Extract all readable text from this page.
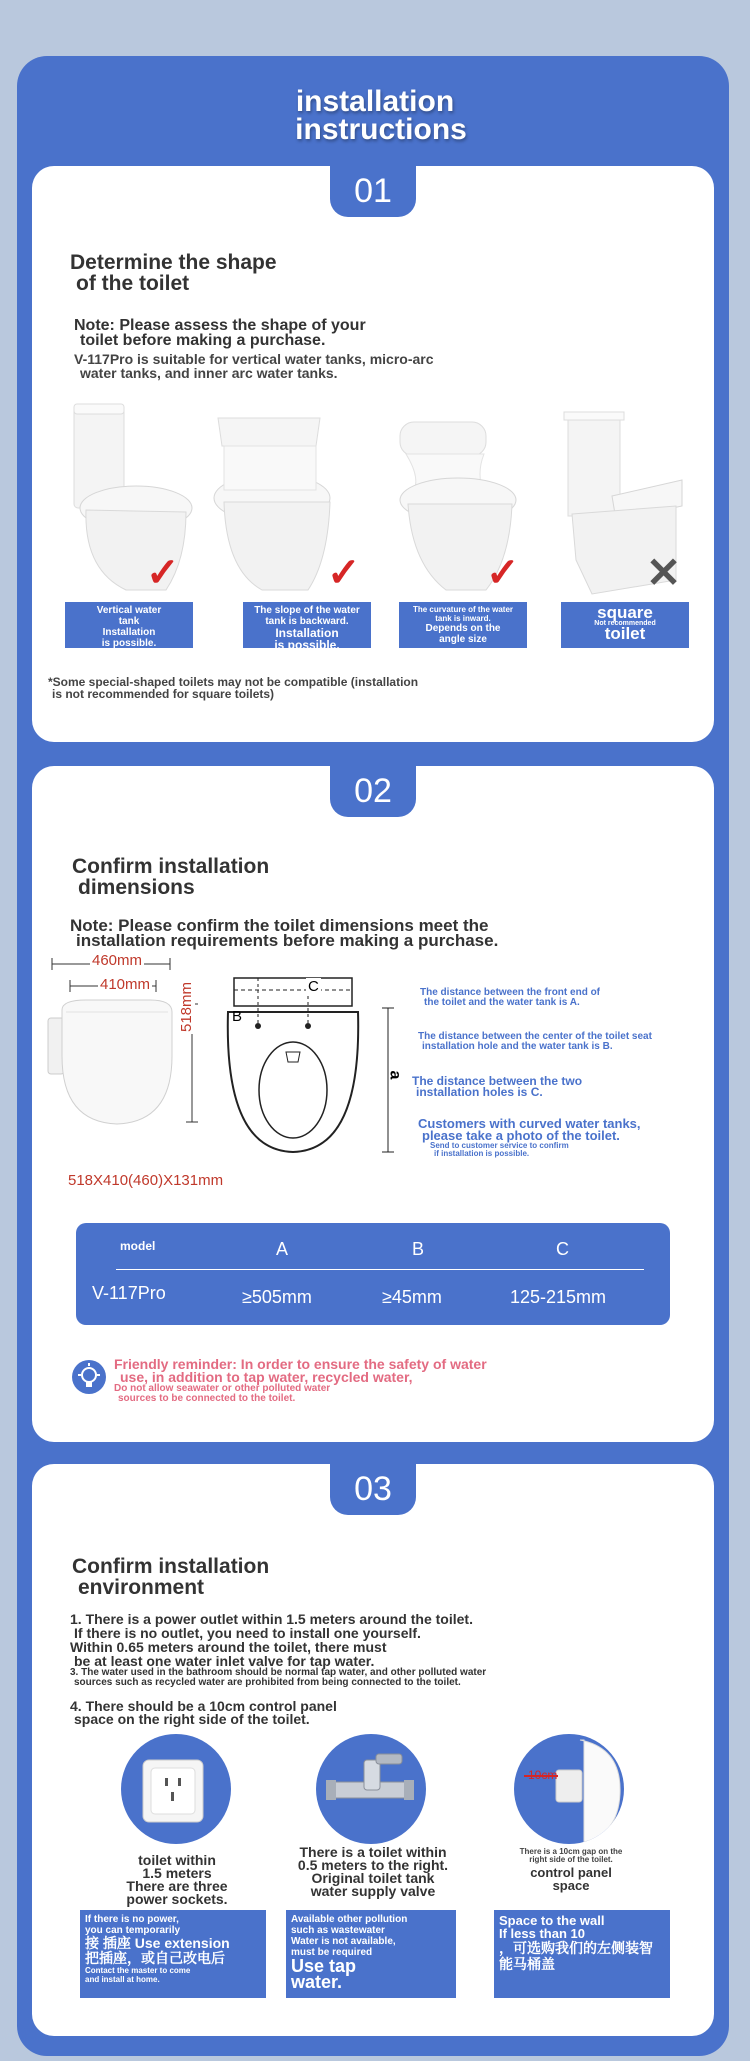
installation
instructions
01
Determine the shape
of the toilet
Note: Please assess the shape of your
toilet before making a purchase.
V-117Pro is suitable for vertical water tanks, micro-arc
water tanks, and inner arc water tanks.
✓
Vertical water
tank
Installation
is possible.
✓
The slope of the water
tank is backward.
Installation
is possible.
✓
The curvature of the water
tank is inward.
Depends on the
angle size
✕
square
Not recommended
toilet
*Some special-shaped toilets may not be compatible (installation
is not recommended for square toilets)
02
Confirm installation
dimensions
Note: Please confirm the toilet dimensions meet the
installation requirements before making a purchase.
460mm
410mm 518mm
518X410(460)X131mm
C
B
a
The distance between the front end of
the toilet and the water tank is A.
The distance between the center of the toilet seat
installation hole and the water tank is B.
The distance between the two
installation holes is C.
Customers with curved water tanks,
please take a photo of the toilet.
Send to customer service to confirm
if installation is possible.
model	A	B	C
V-117Pro	≥505mm	≥45mm	125-215mm
Friendly reminder: In order to ensure the safety of water
use, in addition to tap water, recycled water,
Do not allow seawater or other polluted water
sources to be connected to the toilet.
03
Confirm installation
environment
1. There is a power outlet within 1.5 meters around the toilet.
If there is no outlet, you need to install one yourself.
Within 0.65 meters around the toilet, there must
be at least one water inlet valve for tap water.
3. The water used in the bathroom should be normal tap water, and other polluted water
sources such as recycled water are prohibited from being connected to the toilet.
4. There should be a 10cm control panel
space on the right side of the toilet.
toilet within
1.5 meters
There are three
power sockets.
There is a toilet within
0.5 meters to the right.
Original toilet tank
water supply valve
10cm
There is a 10cm gap on the
right side of the toilet.
control panel
space
If there is no power,
you can temporarily
接 插座 Use extension
把插座，或自己改电后
Contact the master to come
and install at home.
Available other pollution
such as wastewater
Water is not available,
must be required
Use tap
water.
Space to the wall
If less than 10
，可选购我们的左侧装智
能马桶盖
